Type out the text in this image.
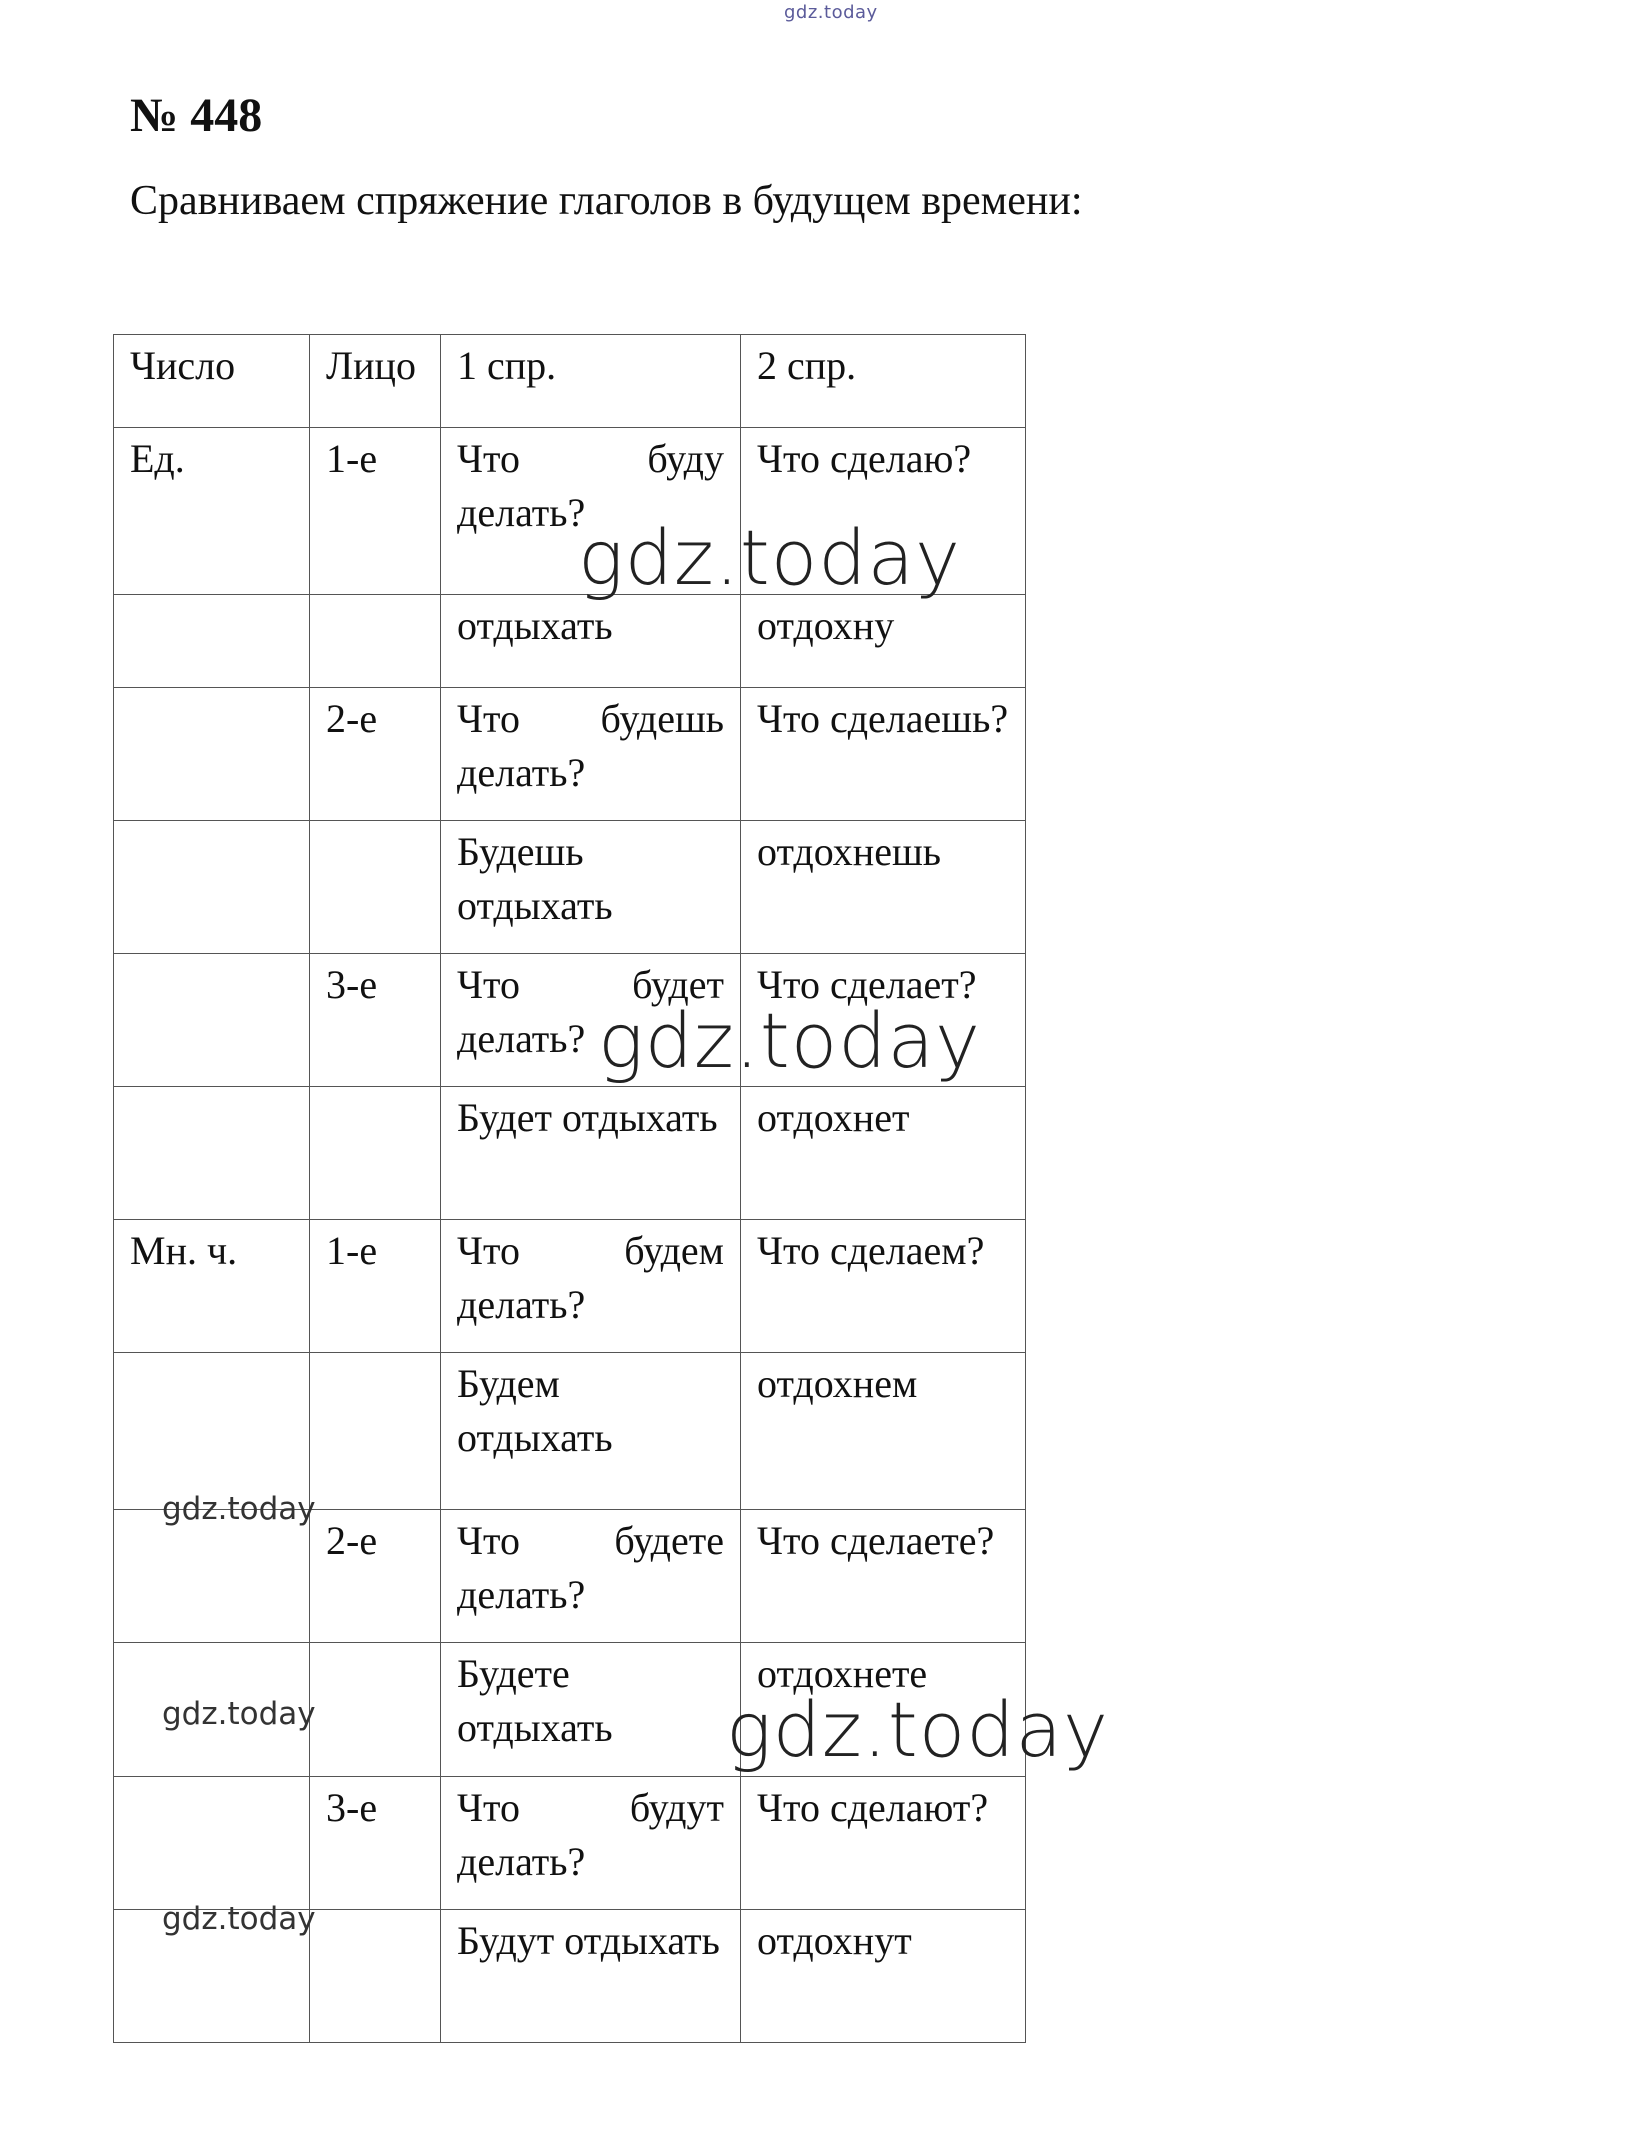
gdz.today
№ 448

Сравниваем спряжение глаголов в будущем времени:

Число	Лицо	1 спр.	2 спр.
Ед.	1-е	Что буду делать?	Что сделаю?
		отдыхать	отдохну
	2-е	Что будешь делать?	Что сделаешь?
		Будешь отдыхать	отдохнешь
	3-е	Что будет делать?	Что сделает?
		Будет отдыхать	отдохнет
Мн. ч.	1-е	Что будем делать?	Что сделаем?
		Будем отдыхать	отдохнем
	2-е	Что будете делать?	Что сделаете?
		Будете отдыхать	отдохнете
	3-е	Что будут делать?	Что сделают?
		Будут отдыхать	отдохнут
gdz.today
gdz.today
gdz.today
gdz.today
gdz.today
gdz.today
